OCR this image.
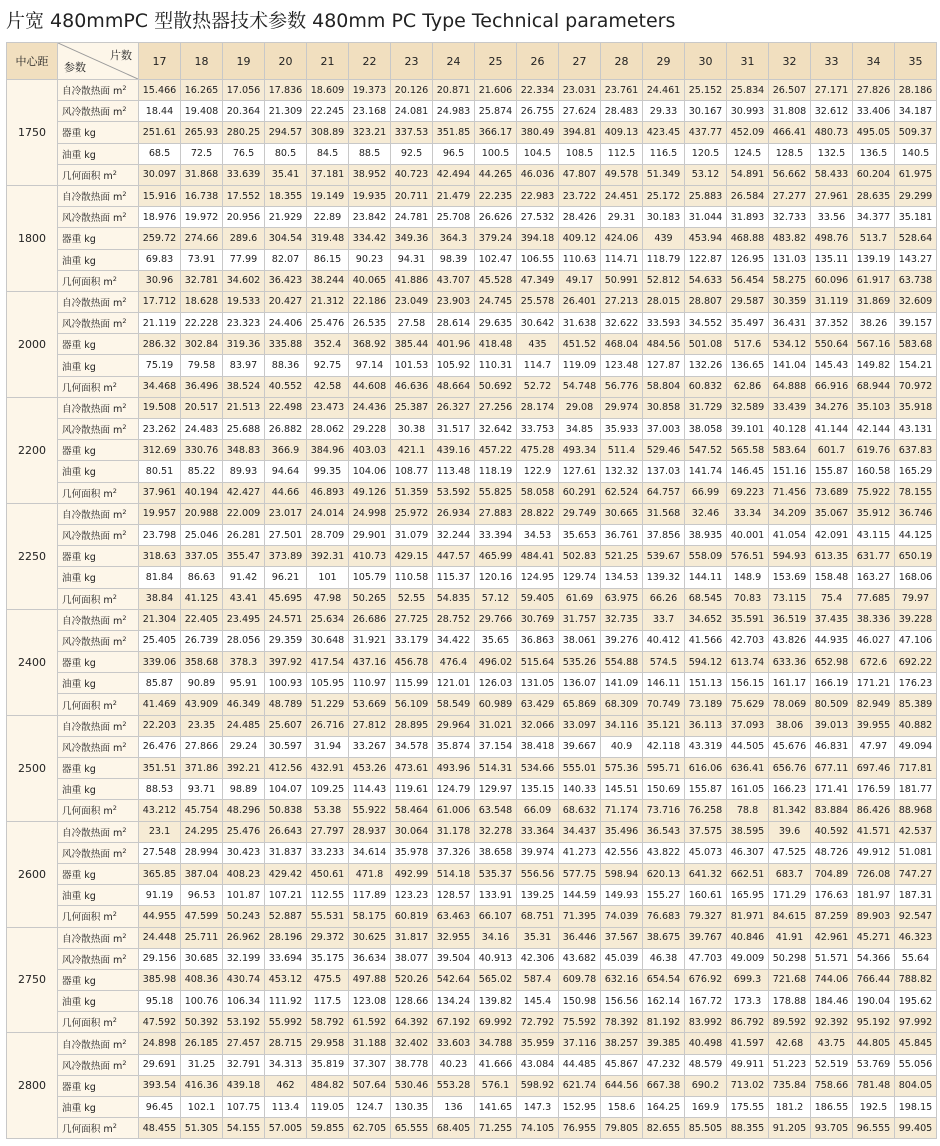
片宽 480mmPC 型散热器技术参数 480mm PC Type Technical parameters
中心距	片数
参数	17	18	19	20	21	22	23	24	25	26	27	28	29	30	31	32	33	34	35
1750	自冷散热面 $m^2$	15.466	16.265	17.056	17.836	18.609	19.373	20.126	20.871	21.606	22.334	23.031	23.761	24.461	25.152	25.834	26.507	27.171	27.826	28.186
	风冷散热面 $m^2$	18.44	19.408	20.364	21.309	22.245	23.168	24.081	24.983	25.874	26.755	27.624	28.483	29.33	30.167	30.993	31.808	32.612	33.406	34.187
	器重 kg	251.61	265.93	280.25	294.57	308.89	323.21	337.53	351.85	366.17	380.49	394.81	409.13	423.45	437.77	452.09	466.41	480.73	495.05	509.37
	油重 kg	68.5	72.5	76.5	80.5	84.5	88.5	92.5	96.5	100.5	104.5	108.5	112.5	116.5	120.5	124.5	128.5	132.5	136.5	140.5
	几何面积 $m^2$	30.097	31.868	33.639	35.41	37.181	38.952	40.723	42.494	44.265	46.036	47.807	49.578	51.349	53.12	54.891	56.662	58.433	60.204	61.975
1800	自冷散热面 $m^2$	15.916	16.738	17.552	18.355	19.149	19.935	20.711	21.479	22.235	22.983	23.722	24.451	25.172	25.883	26.584	27.277	27.961	28.635	29.299
	风冷散热面 $m^2$	18.976	19.972	20.956	21.929	22.89	23.842	24.781	25.708	26.626	27.532	28.426	29.31	30.183	31.044	31.893	32.733	33.56	34.377	35.181
	器重 kg	259.72	274.66	289.6	304.54	319.48	334.42	349.36	364.3	379.24	394.18	409.12	424.06	439	453.94	468.88	483.82	498.76	513.7	528.64
	油重 kg	69.83	73.91	77.99	82.07	86.15	90.23	94.31	98.39	102.47	106.55	110.63	114.71	118.79	122.87	126.95	131.03	135.11	139.19	143.27
	几何面积 $m^2$	30.96	32.781	34.602	36.423	38.244	40.065	41.886	43.707	45.528	47.349	49.17	50.991	52.812	54.633	56.454	58.275	60.096	61.917	63.738
2000	自冷散热面 $m^2$	17.712	18.628	19.533	20.427	21.312	22.186	23.049	23.903	24.745	25.578	26.401	27.213	28.015	28.807	29.587	30.359	31.119	31.869	32.609
	风冷散热面 $m^2$	21.119	22.228	23.323	24.406	25.476	26.535	27.58	28.614	29.635	30.642	31.638	32.622	33.593	34.552	35.497	36.431	37.352	38.26	39.157
	器重 kg	286.32	302.84	319.36	335.88	352.4	368.92	385.44	401.96	418.48	435	451.52	468.04	484.56	501.08	517.6	534.12	550.64	567.16	583.68
	油重 kg	75.19	79.58	83.97	88.36	92.75	97.14	101.53	105.92	110.31	114.7	119.09	123.48	127.87	132.26	136.65	141.04	145.43	149.82	154.21
	几何面积 $m^2$	34.468	36.496	38.524	40.552	42.58	44.608	46.636	48.664	50.692	52.72	54.748	56.776	58.804	60.832	62.86	64.888	66.916	68.944	70.972
2200	自冷散热面 $m^2$	19.508	20.517	21.513	22.498	23.473	24.436	25.387	26.327	27.256	28.174	29.08	29.974	30.858	31.729	32.589	33.439	34.276	35.103	35.918
	风冷散热面 $m^2$	23.262	24.483	25.688	26.882	28.062	29.228	30.38	31.517	32.642	33.753	34.85	35.933	37.003	38.058	39.101	40.128	41.144	42.144	43.131
	器重 kg	312.69	330.76	348.83	366.9	384.96	403.03	421.1	439.16	457.22	475.28	493.34	511.4	529.46	547.52	565.58	583.64	601.7	619.76	637.83
	油重 kg	80.51	85.22	89.93	94.64	99.35	104.06	108.77	113.48	118.19	122.9	127.61	132.32	137.03	141.74	146.45	151.16	155.87	160.58	165.29
	几何面积 $m^2$	37.961	40.194	42.427	44.66	46.893	49.126	51.359	53.592	55.825	58.058	60.291	62.524	64.757	66.99	69.223	71.456	73.689	75.922	78.155
2250	自冷散热面 $m^2$	19.957	20.988	22.009	23.017	24.014	24.998	25.972	26.934	27.883	28.822	29.749	30.665	31.568	32.46	33.34	34.209	35.067	35.912	36.746
	风冷散热面 $m^2$	23.798	25.046	26.281	27.501	28.709	29.901	31.079	32.244	33.394	34.53	35.653	36.761	37.856	38.935	40.001	41.054	42.091	43.115	44.125
	器重 kg	318.63	337.05	355.47	373.89	392.31	410.73	429.15	447.57	465.99	484.41	502.83	521.25	539.67	558.09	576.51	594.93	613.35	631.77	650.19
	油重 kg	81.84	86.63	91.42	96.21	101	105.79	110.58	115.37	120.16	124.95	129.74	134.53	139.32	144.11	148.9	153.69	158.48	163.27	168.06
	几何面积 $m^2$	38.84	41.125	43.41	45.695	47.98	50.265	52.55	54.835	57.12	59.405	61.69	63.975	66.26	68.545	70.83	73.115	75.4	77.685	79.97
2400	自冷散热面 $m^2$	21.304	22.405	23.495	24.571	25.634	26.686	27.725	28.752	29.766	30.769	31.757	32.735	33.7	34.652	35.591	36.519	37.435	38.336	39.228
	风冷散热面 $m^2$	25.405	26.739	28.056	29.359	30.648	31.921	33.179	34.422	35.65	36.863	38.061	39.276	40.412	41.566	42.703	43.826	44.935	46.027	47.106
	器重 kg	339.06	358.68	378.3	397.92	417.54	437.16	456.78	476.4	496.02	515.64	535.26	554.88	574.5	594.12	613.74	633.36	652.98	672.6	692.22
	油重 kg	85.87	90.89	95.91	100.93	105.95	110.97	115.99	121.01	126.03	131.05	136.07	141.09	146.11	151.13	156.15	161.17	166.19	171.21	176.23
	几何面积 $m^2$	41.469	43.909	46.349	48.789	51.229	53.669	56.109	58.549	60.989	63.429	65.869	68.309	70.749	73.189	75.629	78.069	80.509	82.949	85.389
2500	自冷散热面 $m^2$	22.203	23.35	24.485	25.607	26.716	27.812	28.895	29.964	31.021	32.066	33.097	34.116	35.121	36.113	37.093	38.06	39.013	39.955	40.882
	风冷散热面 $m^2$	26.476	27.866	29.24	30.597	31.94	33.267	34.578	35.874	37.154	38.418	39.667	40.9	42.118	43.319	44.505	45.676	46.831	47.97	49.094
	器重 kg	351.51	371.86	392.21	412.56	432.91	453.26	473.61	493.96	514.31	534.66	555.01	575.36	595.71	616.06	636.41	656.76	677.11	697.46	717.81
	油重 kg	88.53	93.71	98.89	104.07	109.25	114.43	119.61	124.79	129.97	135.15	140.33	145.51	150.69	155.87	161.05	166.23	171.41	176.59	181.77
	几何面积 $m^2$	43.212	45.754	48.296	50.838	53.38	55.922	58.464	61.006	63.548	66.09	68.632	71.174	73.716	76.258	78.8	81.342	83.884	86.426	88.968
2600	自冷散热面 $m^2$	23.1	24.295	25.476	26.643	27.797	28.937	30.064	31.178	32.278	33.364	34.437	35.496	36.543	37.575	38.595	39.6	40.592	41.571	42.537
	风冷散热面 $m^2$	27.548	28.994	30.423	31.837	33.233	34.614	35.978	37.326	38.658	39.974	41.273	42.556	43.822	45.073	46.307	47.525	48.726	49.912	51.081
	器重 kg	365.85	387.04	408.23	429.42	450.61	471.8	492.99	514.18	535.37	556.56	577.75	598.94	620.13	641.32	662.51	683.7	704.89	726.08	747.27
	油重 kg	91.19	96.53	101.87	107.21	112.55	117.89	123.23	128.57	133.91	139.25	144.59	149.93	155.27	160.61	165.95	171.29	176.63	181.97	187.31
	几何面积 $m^2$	44.955	47.599	50.243	52.887	55.531	58.175	60.819	63.463	66.107	68.751	71.395	74.039	76.683	79.327	81.971	84.615	87.259	89.903	92.547
2750	自冷散热面 $m^2$	24.448	25.711	26.962	28.196	29.372	30.625	31.817	32.955	34.16	35.31	36.446	37.567	38.675	39.767	40.846	41.91	42.961	45.271	46.323
	风冷散热面 $m^2$	29.156	30.685	32.199	33.694	35.175	36.634	38.077	39.504	40.913	42.306	43.682	45.039	46.38	47.703	49.009	50.298	51.571	54.366	55.64
	器重 kg	385.98	408.36	430.74	453.12	475.5	497.88	520.26	542.64	565.02	587.4	609.78	632.16	654.54	676.92	699.3	721.68	744.06	766.44	788.82
	油重 kg	95.18	100.76	106.34	111.92	117.5	123.08	128.66	134.24	139.82	145.4	150.98	156.56	162.14	167.72	173.3	178.88	184.46	190.04	195.62
	几何面积 $m^2$	47.592	50.392	53.192	55.992	58.792	61.592	64.392	67.192	69.992	72.792	75.592	78.392	81.192	83.992	86.792	89.592	92.392	95.192	97.992
2800	自冷散热面 $m^2$	24.898	26.185	27.457	28.715	29.958	31.188	32.402	33.603	34.788	35.959	37.116	38.257	39.385	40.498	41.597	42.68	43.75	44.805	45.845
	风冷散热面 $m^2$	29.691	31.25	32.791	34.313	35.819	37.307	38.778	40.23	41.666	43.084	44.485	45.867	47.232	48.579	49.911	51.223	52.519	53.769	55.056
	器重 kg	393.54	416.36	439.18	462	484.82	507.64	530.46	553.28	576.1	598.92	621.74	644.56	667.38	690.2	713.02	735.84	758.66	781.48	804.05
	油重 kg	96.45	102.1	107.75	113.4	119.05	124.7	130.35	136	141.65	147.3	152.95	158.6	164.25	169.9	175.55	181.2	186.55	192.5	198.15
	几何面积 $m^2$	48.455	51.305	54.155	57.005	59.855	62.705	65.555	68.405	71.255	74.105	76.955	79.805	82.655	85.505	88.355	91.205	93.705	96.555	99.405
